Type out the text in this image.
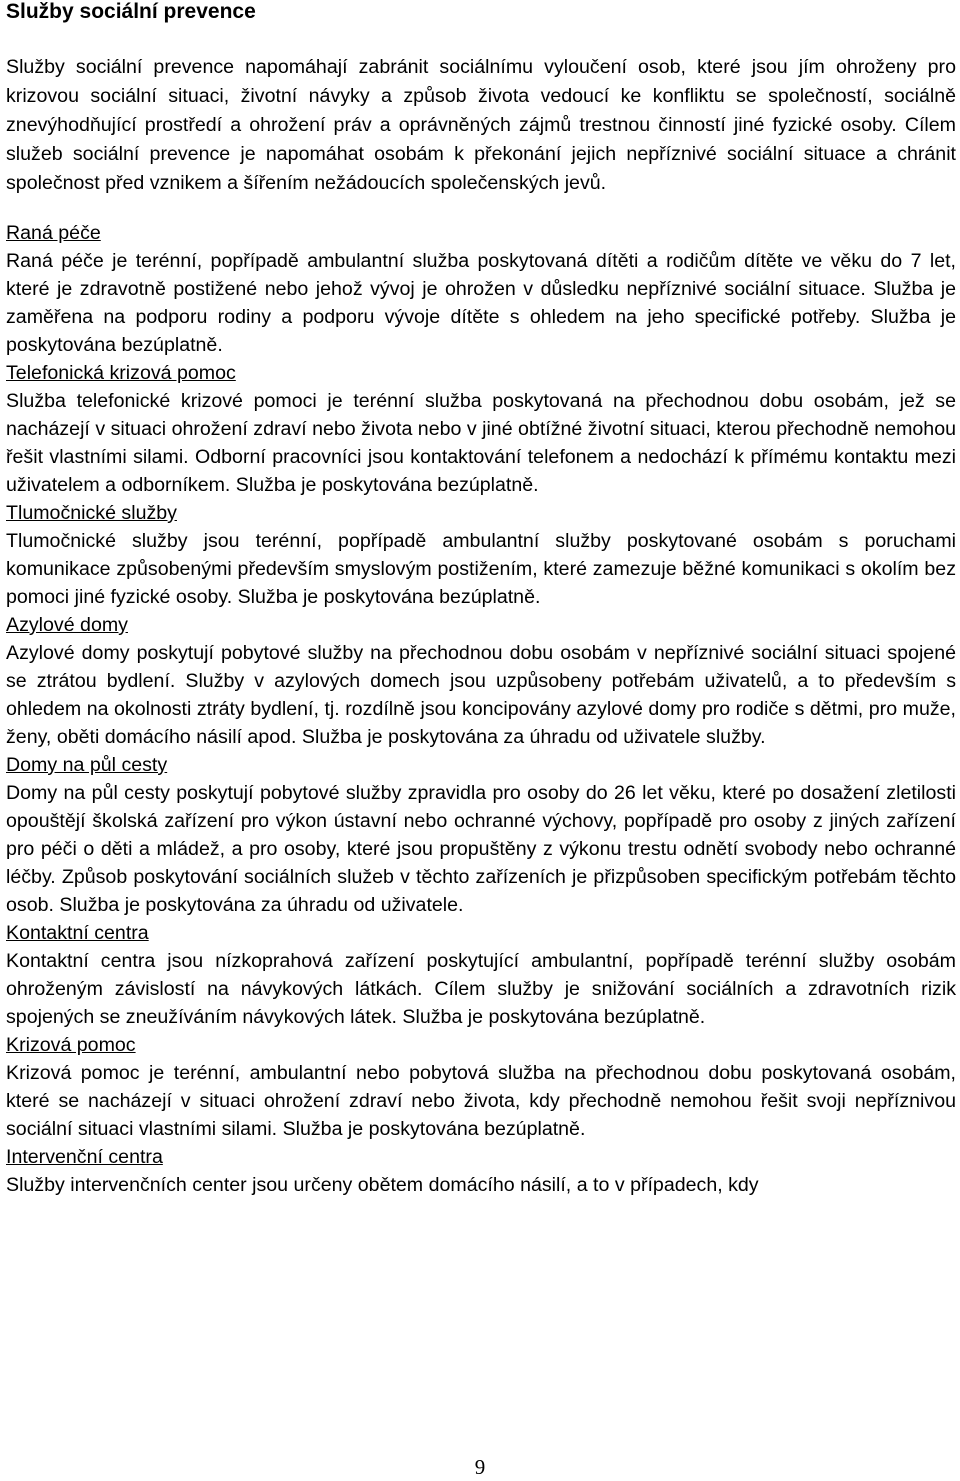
Služby sociální prevence

Služby sociální prevence napomáhají zabránit sociálnímu vyloučení osob, které jsou jím ohroženy pro krizovou sociální situaci, životní návyky a způsob života vedoucí ke konfliktu se společností, sociálně znevýhodňující prostředí a ohrožení práv a oprávněných zájmů trestnou činností jiné fyzické osoby. Cílem služeb sociální prevence je napomáhat osobám k překonání jejich nepříznivé sociální situace a chránit společnost před vznikem a šířením nežádoucích společenských jevů.

Raná péče

Raná péče je terénní, popřípadě ambulantní služba poskytovaná dítěti a rodičům dítěte ve věku do 7 let, které je zdravotně postižené nebo jehož vývoj je ohrožen v důsledku nepříznivé sociální situace. Služba je zaměřena na podporu rodiny a podporu vývoje dítěte s ohledem na jeho specifické potřeby. Služba je poskytována bezúplatně.

Telefonická krizová pomoc

Služba telefonické krizové pomoci je terénní služba poskytovaná na přechodnou dobu osobám, jež se nacházejí v situaci ohrožení zdraví nebo života nebo v jiné obtížné životní situaci, kterou přechodně nemohou řešit vlastními silami. Odborní pracovníci jsou kontaktování telefonem a nedochází k přímému kontaktu mezi uživatelem a odborníkem. Služba je poskytována bezúplatně.

Tlumočnické služby

Tlumočnické služby jsou terénní, popřípadě ambulantní služby poskytované osobám s poruchami komunikace způsobenými především smyslovým postižením, které zamezuje běžné komunikaci s okolím bez pomoci jiné fyzické osoby. Služba je poskytována bezúplatně.

Azylové domy

Azylové domy poskytují pobytové služby na přechodnou dobu osobám v nepříznivé sociální situaci spojené se ztrátou bydlení. Služby v azylových domech jsou uzpůsobeny potřebám uživatelů, a to především s ohledem na okolnosti ztráty bydlení, tj. rozdílně jsou koncipovány azylové domy pro rodiče s dětmi, pro muže, ženy, oběti domácího násilí apod. Služba je poskytována za úhradu od uživatele služby.

Domy na půl cesty

Domy na půl cesty poskytují pobytové služby zpravidla pro osoby do 26 let věku, které po dosažení zletilosti opouštějí školská zařízení pro výkon ústavní nebo ochranné výchovy, popřípadě pro osoby z jiných zařízení pro péči o děti a mládež, a pro osoby, které jsou propuštěny z výkonu trestu odnětí svobody nebo ochranné léčby. Způsob poskytování sociálních služeb v těchto zařízeních je přizpůsoben specifickým potřebám těchto osob. Služba je poskytována za úhradu od uživatele.

Kontaktní centra

Kontaktní centra jsou nízkoprahová zařízení poskytující ambulantní, popřípadě terénní služby osobám ohroženým závislostí na návykových látkách. Cílem služby je snižování sociálních a zdravotních rizik spojených se zneužíváním návykových látek. Služba je poskytována bezúplatně.

Krizová pomoc

Krizová pomoc je terénní, ambulantní nebo pobytová služba na přechodnou dobu poskytovaná osobám, které se nacházejí v situaci ohrožení zdraví nebo života, kdy přechodně nemohou řešit svoji nepříznivou sociální situaci vlastními silami. Služba je poskytována bezúplatně.

Intervenční centra

Služby intervenčních center jsou určeny obětem domácího násilí, a to v případech, kdy

9
